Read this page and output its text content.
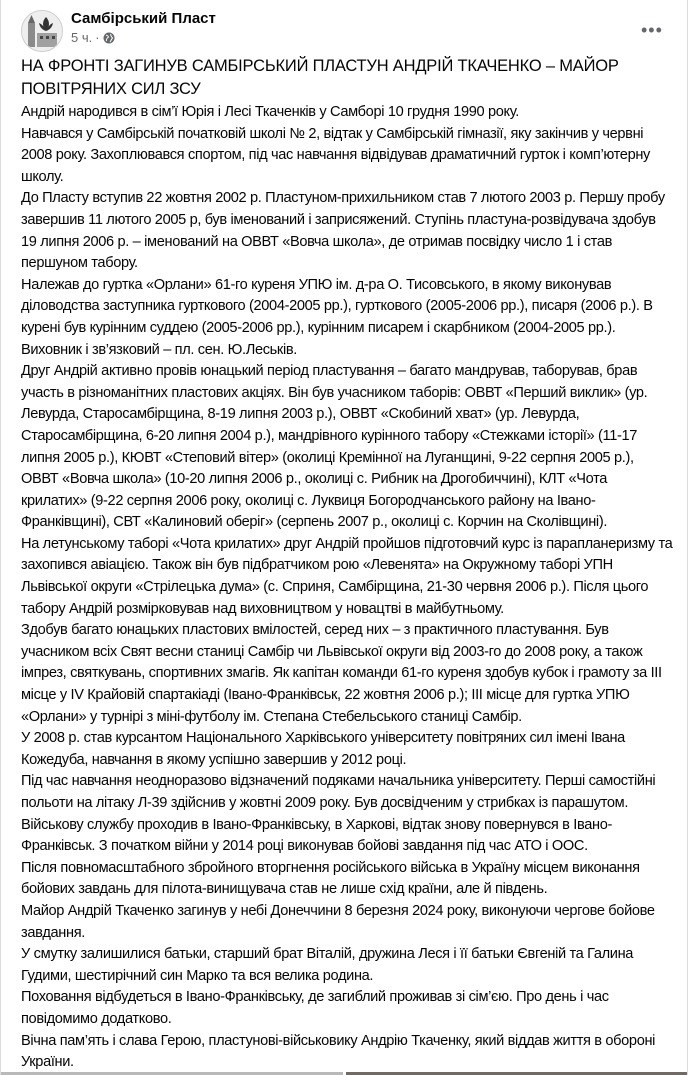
Самбірський Пласт
5 ч. ·	•••
НА ФРОНТІ ЗАГИНУВ САМБІРСЬКИЙ ПЛАСТУН АНДРІЙ ТКАЧЕНКО – МАЙОР ПОВІТРЯНИХ СИЛ ЗСУ

Андрій народився в сім’ї Юрія і Лесі Ткаченків у Самборі 10 грудня 1990 року.

Навчався у Самбірській початковій школі № 2, відтак у Самбірській гімназії, яку закінчив у червні 2008 року. Захоплювався спортом, під час навчання відвідував драматичний гурток і комп’ютерну школу.

До Пласту вступив 22 жовтня 2002 р. Пластуном-прихильником став 7 лютого 2003 р. Першу пробу завершив 11 лютого 2005 р, був іменований і заприсяжений. Ступінь пластуна-розвідувача здобув 19 липня 2006 р. – іменований на ОВВТ «Вовча школа», де отримав посвідку число 1 і став першуном табору.

Належав до гуртка «Орлани» 61-го куреня УПЮ ім. д-ра О. Тисовського, в якому виконував діловодства заступника гурткового (2004-2005 рр.), гурткового (2005-2006 рр.), писаря (2006 р.). В курені був курінним суддею (2005-2006 рр.), курінним писарем і скарбником (2004-2005 рр.). Виховник і зв’язковий – пл. сен. Ю.Леськів.

Друг Андрій активно провів юнацький період пластування – багато мандрував, таборував, брав участь в різноманітних пластових акціях. Він був учасником таборів: ОВВТ «Перший виклик» (ур. Левурда, Старосамбірщина, 8-19 липня 2003 р.), ОВВТ «Скобиний хват» (ур. Левурда, Старосамбірщина, 6-20 липня 2004 р.), мандрівного курінного табору «Стежками історії» (11-17 липня 2005 р.), КЮВТ «Степовий вітер» (околиці Кремінної на Луганщині, 9-22 серпня 2005 р.), ОВВТ «Вовча школа» (10-20 липня 2006 р., околиці с. Рибник на Дрогобиччині), КЛТ «Чота крилатих» (9-22 серпня 2006 року, околиці с. Луквиця Богородчанського району на Івано-Франківщині), СВТ «Калиновий оберіг» (серпень 2007 р., околиці с. Корчин на Сколівщині).

На летунському таборі «Чота крилатих» друг Андрій пройшов підготовчий курс із парапланеризму та захопився авіацією. Також він був підбратчиком рою «Левенята» на Окружному таборі УПН Львівської округи «Стрілецька дума» (с. Сприня, Самбірщина, 21-30 червня 2006 р.). Після цього табору Андрій розмірковував над виховництвом у новацтві в майбутньому.

Здобув багато юнацьких пластових вмілостей, серед них – з практичного пластування. Був учасником всіх Свят весни станиці Самбір чи Львівської округи від 2003-го до 2008 року, а також імпрез, святкувань, спортивних змагів. Як капітан команди 61-го куреня здобув кубок і грамоту за ІІІ місце у IV Крайовій спартакіаді (Івано-Франківськ, 22 жовтня 2006 р.); ІІІ місце для гуртка УПЮ «Орлани» у турнірі з міні-футболу ім. Степана Стебельського станиці Самбір.

У 2008 р. став курсантом Національного Харківського університету повітряних сил імені Івана Кожедуба, навчання в якому успішно завершив у 2012 році.

Під час навчання неодноразово відзначений подяками начальника університету. Перші самостійні польоти на літаку Л-39 здійснив у жовтні 2009 року. Був досвідченим у стрибках із парашутом.

Військову службу проходив в Івано-Франківську, в Харкові, відтак знову повернувся в Івано-Франківськ. З початком війни у 2014 році виконував бойові завдання під час АТО і ООС.

Після повномасштабного збройного вторгнення російського війська в Україну місцем виконання бойових завдань для пілота-винищувача став не лише схід країни, але й південь.

Майор Андрій Ткаченко загинув у небі Донеччини 8 березня 2024 року, виконуючи чергове бойове завдання.

У смутку залишилися батьки, старший брат Віталій, дружина Леся і її батьки Євгеній та Галина Гудими, шестирічний син Марко та вся велика родина.

Поховання відбудеться в Івано-Франківську, де загиблий проживав зі сім’єю. Про день і час повідомимо додатково.

Вічна пам’ять і слава Герою, пластунові-військовику Андрію Ткаченку, який віддав життя в обороні України.
